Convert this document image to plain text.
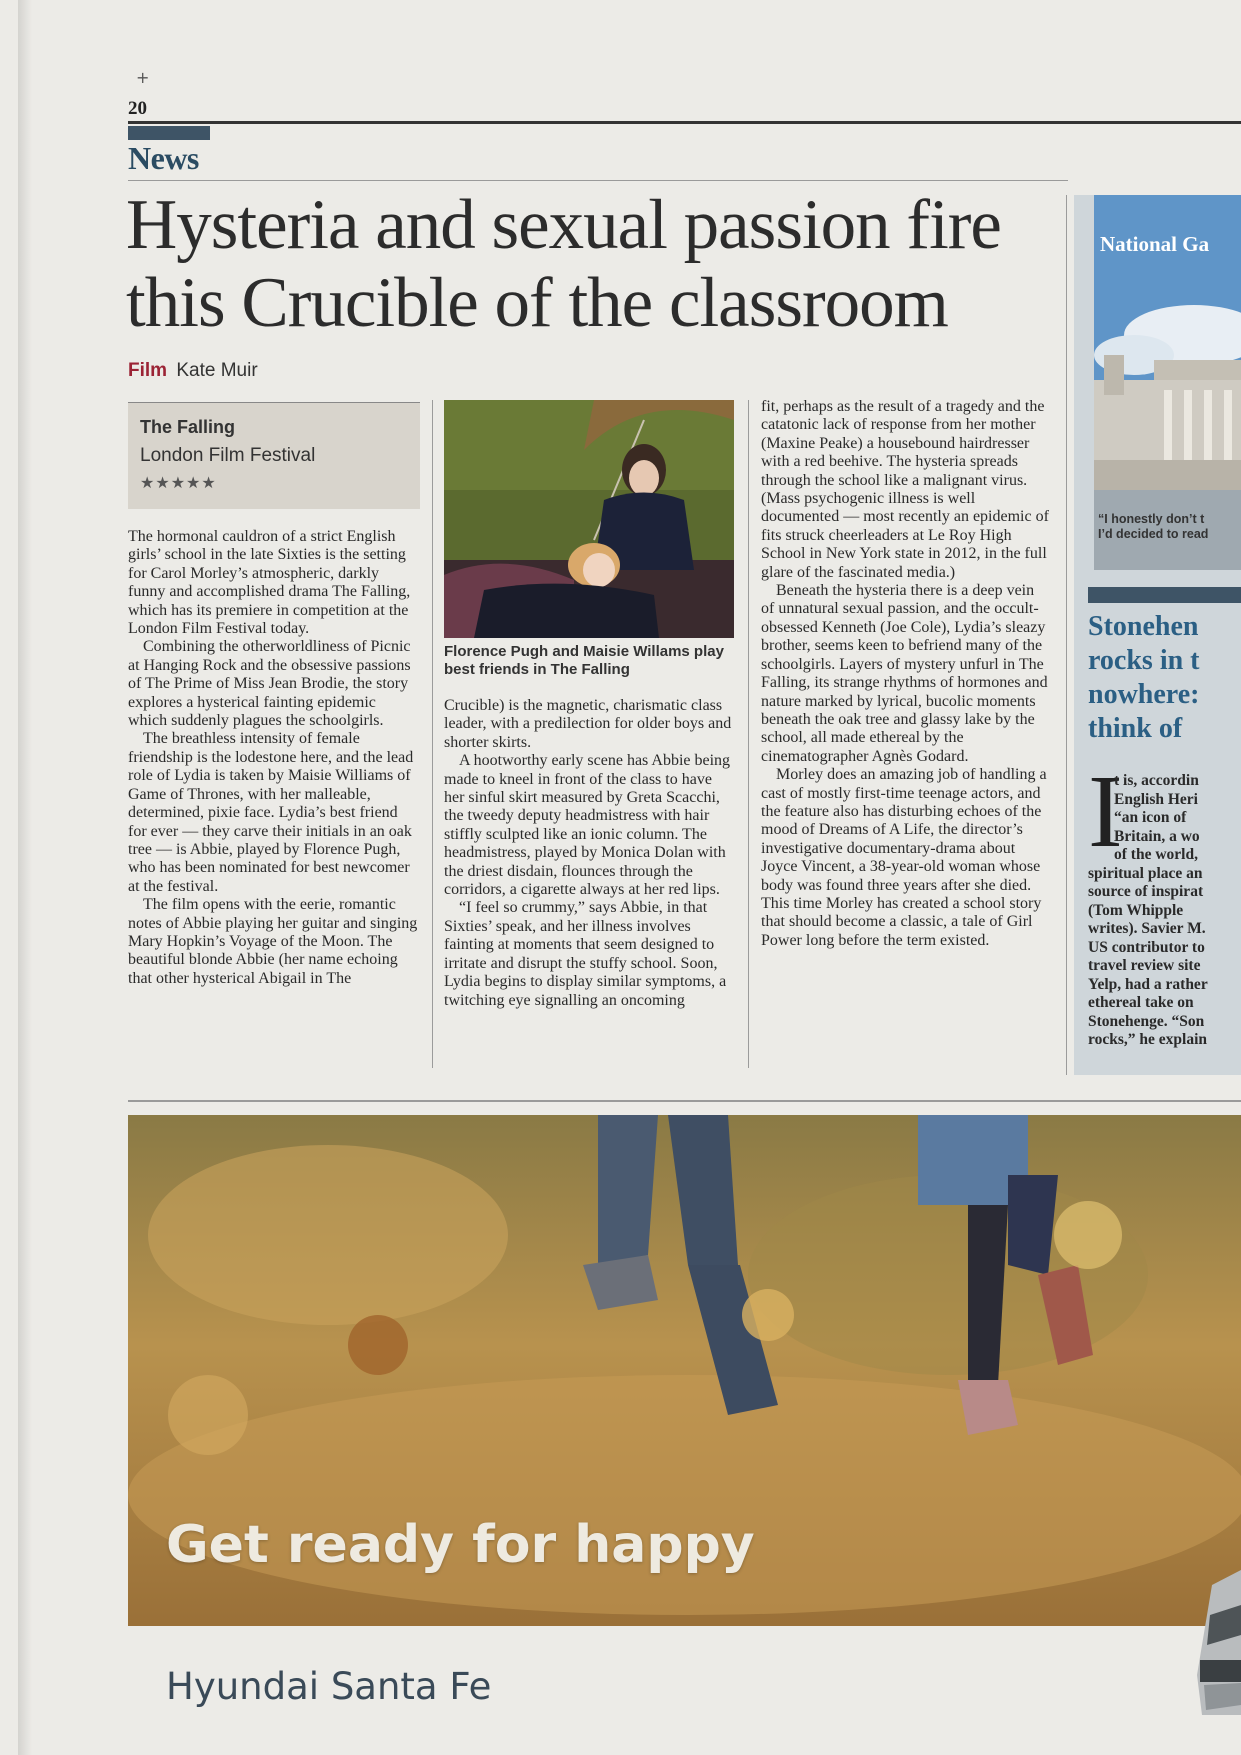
+
20
News
Hysteria and sexual passion fire this Crucible of the classroom
Film Kate Muir
The Falling
London Film Festival
★★★★★

The hormonal cauldron of a strict English girls’ school in the late Sixties is the setting for Carol Morley’s atmospheric, darkly funny and accomplished drama The Falling, which has its premiere in competition at the London Film Festival today.

Combining the otherworldliness of Picnic at Hanging Rock and the obsessive passions of The Prime of Miss Jean Brodie, the story explores a hysterical fainting epidemic which suddenly plagues the schoolgirls.

The breathless intensity of female friendship is the lodestone here, and the lead role of Lydia is taken by Maisie Williams of Game of Thrones, with her malleable, determined, pixie face. Lydia’s best friend for ever — they carve their initials in an oak tree — is Abbie, played by Florence Pugh, who has been nominated for best newcomer at the festival.

The film opens with the eerie, romantic notes of Abbie playing her guitar and singing Mary Hopkin’s Voyage of the Moon. The beautiful blonde Abbie (her name echoing that other hysterical Abigail in The

Florence Pugh and Maisie Willams play best friends in The Falling

Crucible) is the magnetic, charismatic class leader, with a predilection for older boys and shorter skirts.

A hootworthy early scene has Abbie being made to kneel in front of the class to have her sinful skirt measured by Greta Scacchi, the tweedy deputy headmistress with hair stiffly sculpted like an ionic column. The headmistress, played by Monica Dolan with the driest disdain, flounces through the corridors, a cigarette always at her red lips.

“I feel so crummy,” says Abbie, in that Sixties’ speak, and her illness involves fainting at moments that seem designed to irritate and disrupt the stuffy school. Soon, Lydia begins to display similar symptoms, a twitching eye signalling an oncoming

fit, perhaps as the result of a tragedy and the catatonic lack of response from her mother (Maxine Peake) a housebound hairdresser with a red beehive. The hysteria spreads through the school like a malignant virus. (Mass psychogenic illness is well documented — most recently an epidemic of fits struck cheerleaders at Le Roy High School in New York state in 2012, in the full glare of the fascinated media.)

Beneath the hysteria there is a deep vein of unnatural sexual passion, and the occult-obsessed Kenneth (Joe Cole), Lydia’s sleazy brother, seems keen to befriend many of the schoolgirls. Layers of mystery unfurl in The Falling, its strange rhythms of hormones and nature marked by lyrical, bucolic moments beneath the oak tree and glassy lake by the school, all made ethereal by the cinematographer Agnès Godard.

Morley does an amazing job of handling a cast of mostly first-time teenage actors, and the feature also has disturbing echoes of the mood of Dreams of A Life, the director’s investigative documentary-drama about Joyce Vincent, a 38-year-old woman whose body was found three years after she died. This time Morley has created a school story that should become a classic, a tale of Girl Power long before the term existed.

National Ga
“I honestly don’t t
I’d decided to read
Stonehen
rocks in t
nowhere:
think of
I
t is, accordin
English Heri
“an icon of
Britain, a wo
of the world,
spiritual place an
source of inspirat
(Tom Whipple
writes). Savier M.
US contributor to
travel review site
Yelp, had a rather
ethereal take on
Stonehenge. “Son
rocks,” he explain
Get ready for happy
Hyundai Santa Fe
